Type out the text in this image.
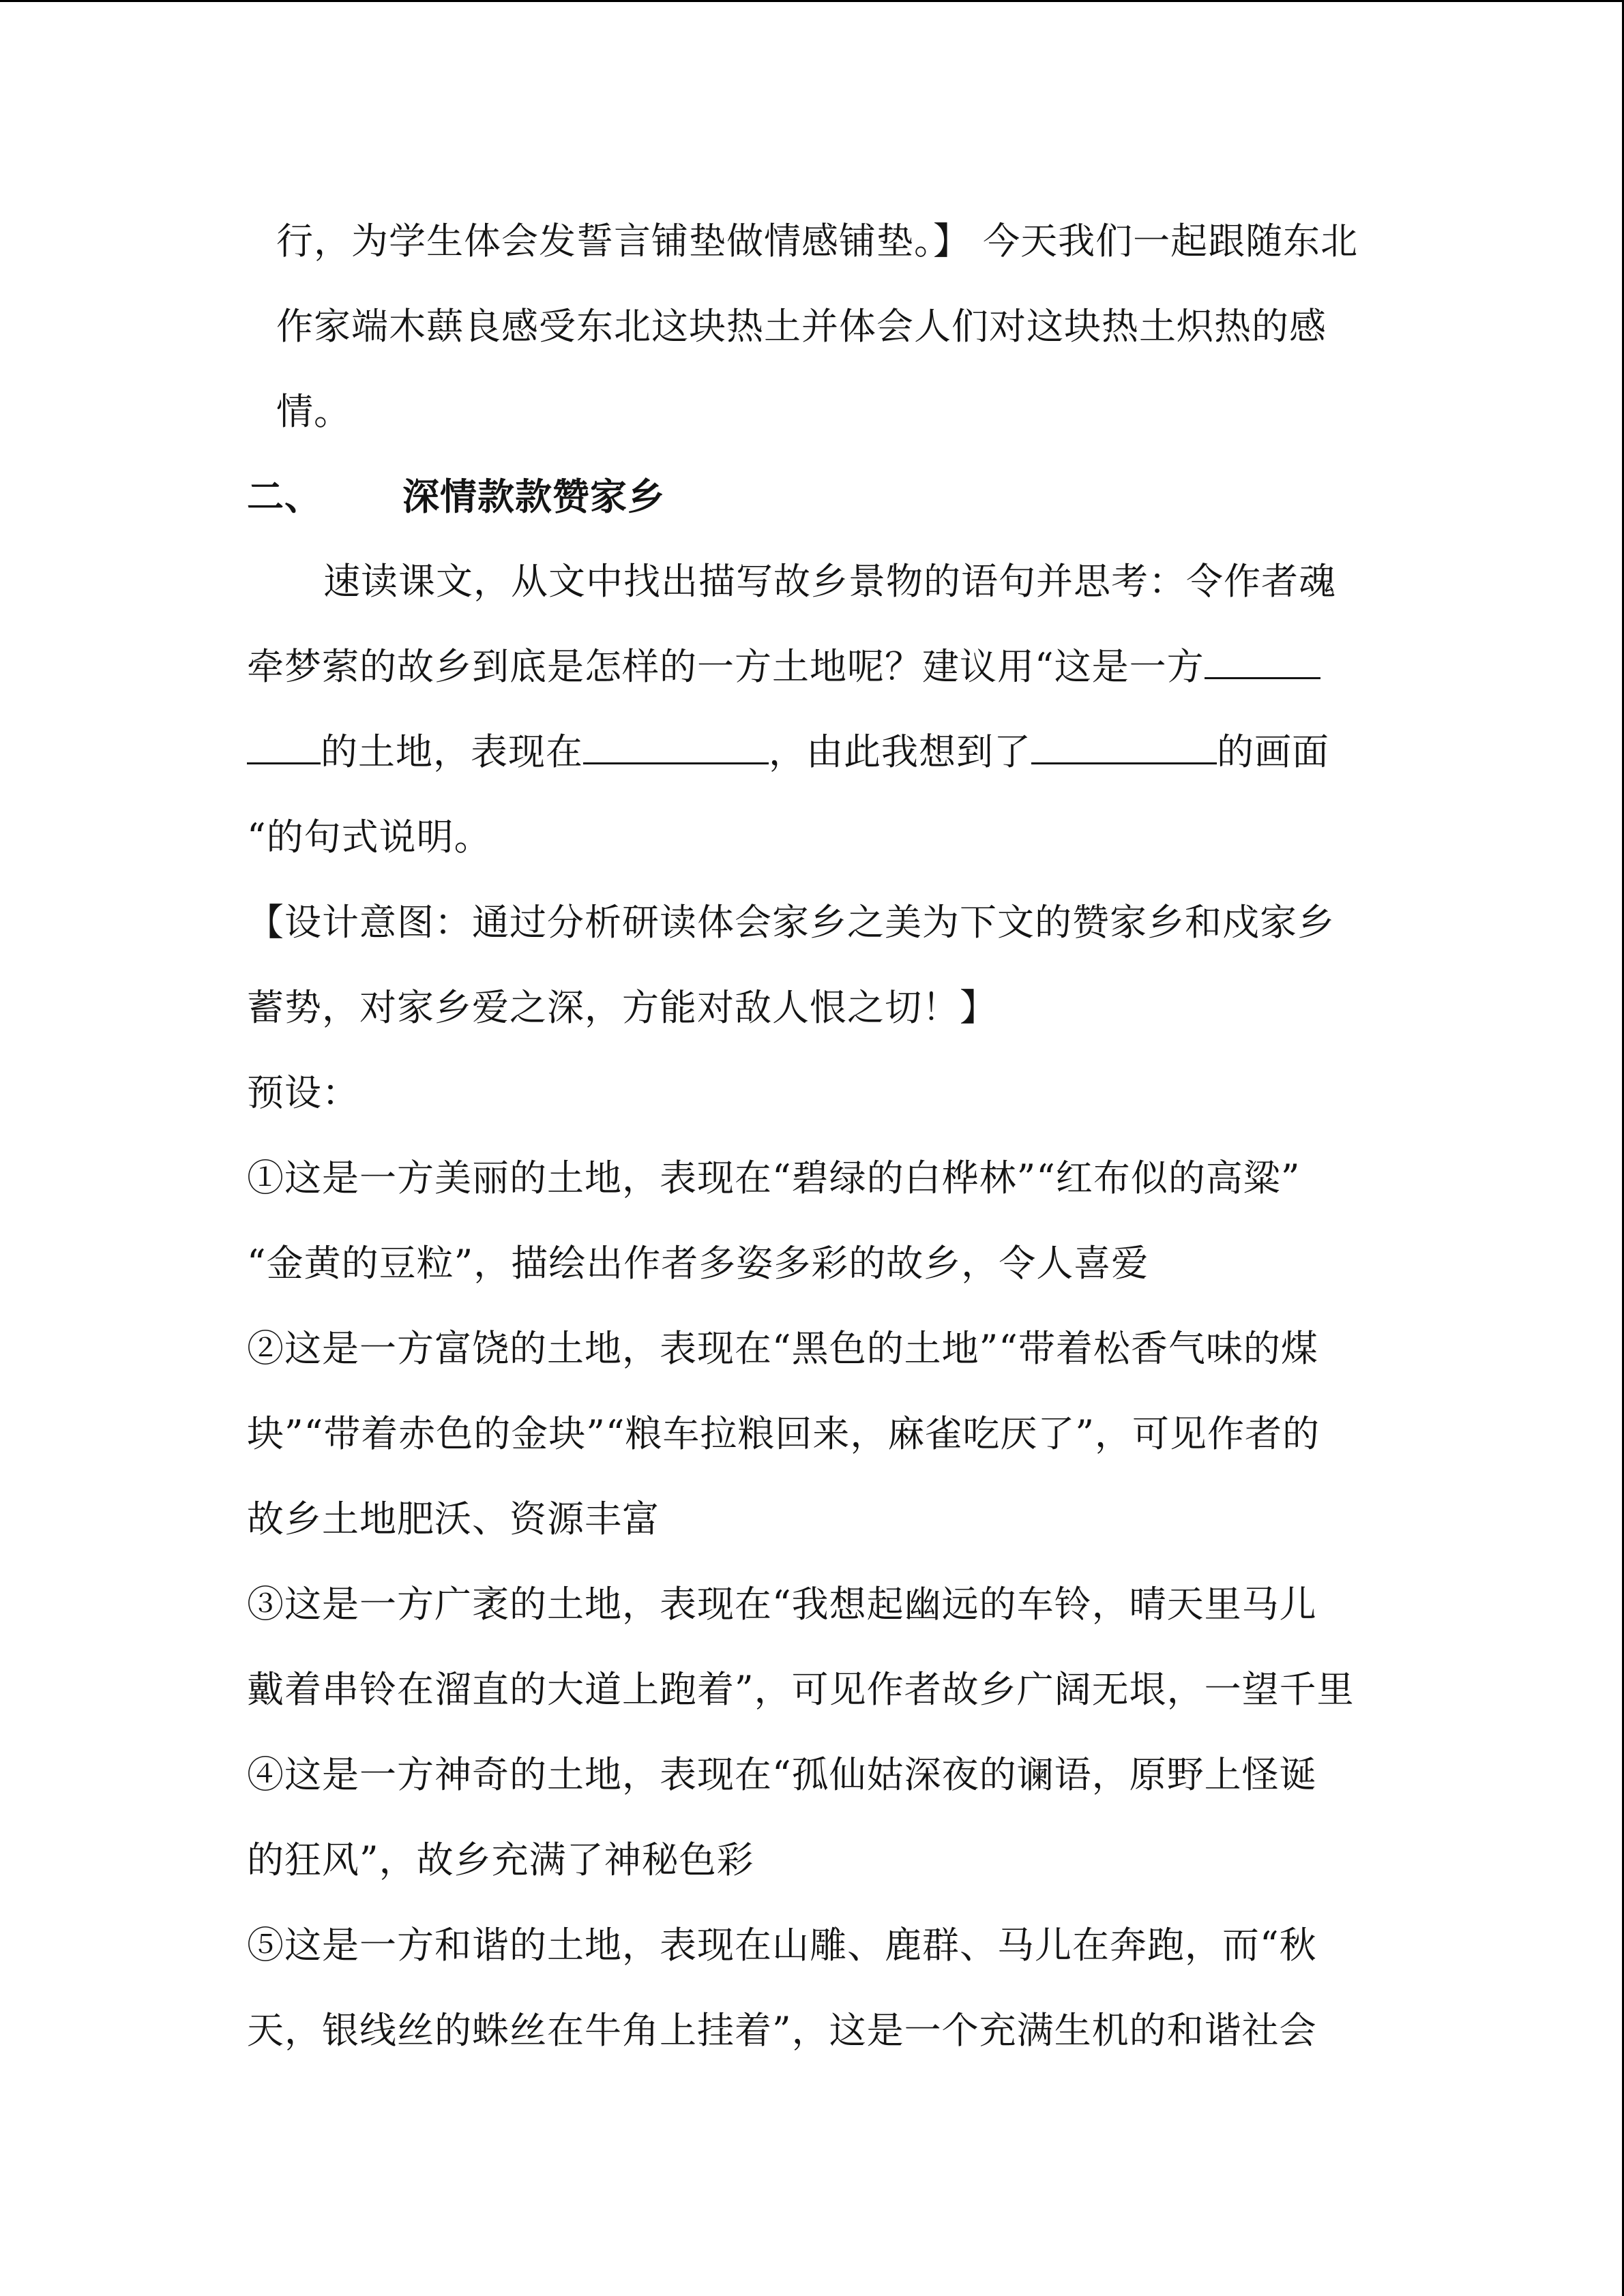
行，为学生体会发誓言铺垫做情感铺垫。】 今天我们一起跟随东北
作家端木蕻良感受东北这块热土并体会人们对这块热土炽热的感
情。
二、 深情款款赞家乡
速读课文，从文中找出描写故乡景物的语句并思考：令作者魂
牵梦萦的故乡到底是怎样的一方土地呢？建议用“这是一方
的土地，表现在	，由此我想到了	的画面
“的句式说明。
【设计意图：通过分析研读体会家乡之美为下文的赞家乡和戍家乡
蓄势，对家乡爱之深，方能对敌人恨之切！】
预设：
①这是一方美丽的土地，表现在“碧绿的白桦林”“红布似的高粱”
“金黄的豆粒”，描绘出作者多姿多彩的故乡，令人喜爱
②这是一方富饶的土地，表现在“黑色的土地”“带着松香气味的煤
块”“带着赤色的金块”“粮车拉粮回来，麻雀吃厌了”，可见作者的
故乡土地肥沃、资源丰富
③这是一方广袤的土地，表现在“我想起幽远的车铃，晴天里马儿
戴着串铃在溜直的大道上跑着”，可见作者故乡广阔无垠，一望千里
④这是一方神奇的土地，表现在“孤仙姑深夜的谰语，原野上怪诞
的狂风”，故乡充满了神秘色彩
⑤这是一方和谐的土地，表现在山雕、鹿群、马儿在奔跑，而“秋
天，银线丝的蛛丝在牛角上挂着”，这是一个充满生机的和谐社会
